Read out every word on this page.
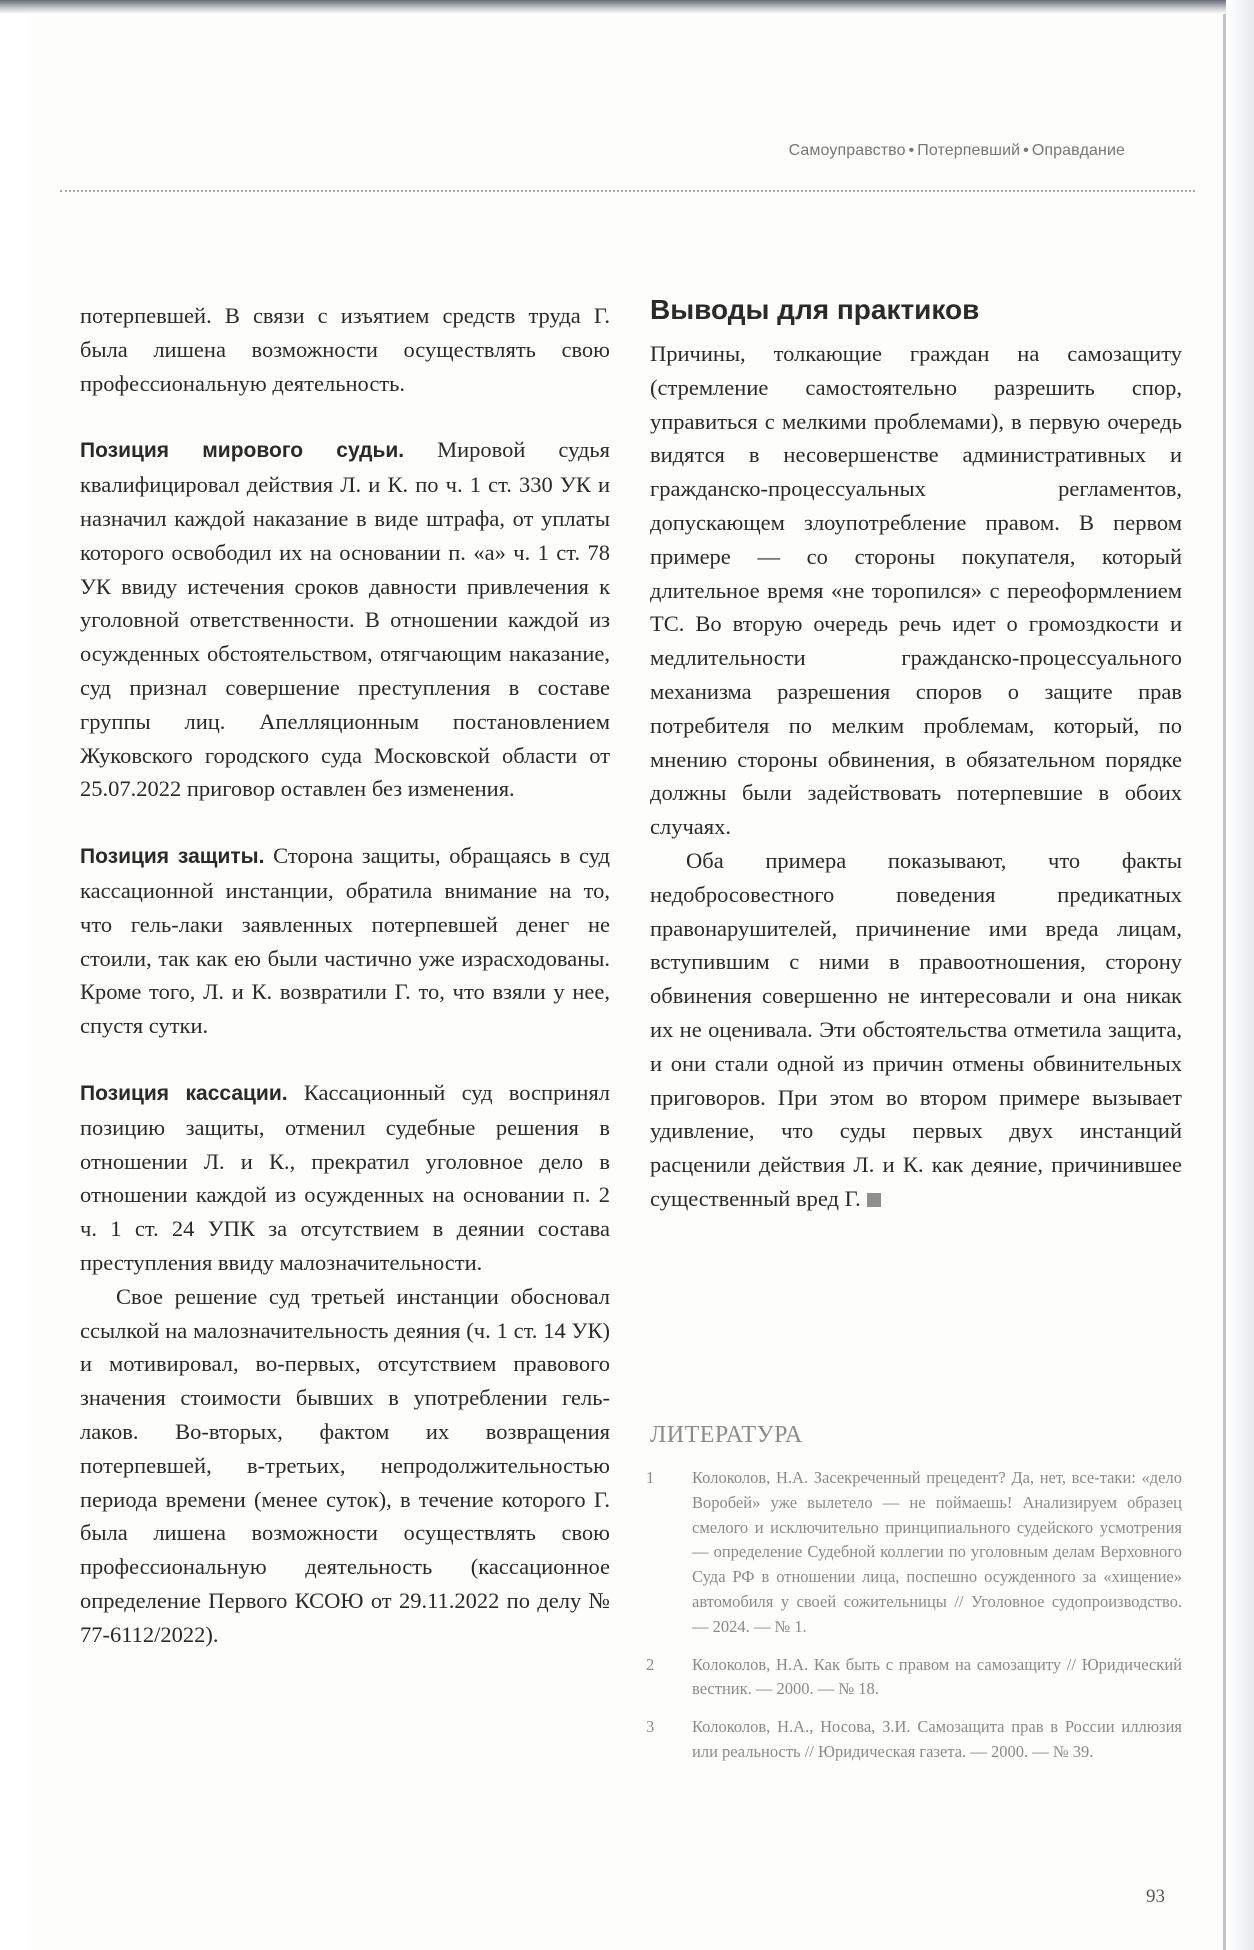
Самоуправство • Потерпевший • Оправдание

потерпевшей. В связи с изъятием средств труда Г. была лишена возможности осуществлять свою профессиональную деятельность.

Позиция мирового судьи. Мировой судья квалифицировал действия Л. и К. по ч. 1 ст. 330 УК и назначил каждой наказание в виде штрафа, от уплаты которого освободил их на основании п. «а» ч. 1 ст. 78 УК ввиду истечения сроков давности привлечения к уголовной ответственности. В отношении каждой из осужденных обстоятельством, отягчающим наказание, суд признал совершение преступления в составе группы лиц. Апелляционным постановлением Жуковского городского суда Московской области от 25.07.2022 приговор оставлен без изменения.

Позиция защиты. Сторона защиты, обращаясь в суд кассационной инстанции, обратила внимание на то, что гель-лаки заявленных потерпевшей денег не стоили, так как ею были частично уже израсходованы. Кроме того, Л. и К. возвратили Г. то, что взяли у нее, спустя сутки.

Позиция кассации. Кассационный суд воспринял позицию защиты, отменил судебные решения в отношении Л. и К., прекратил уголовное дело в отношении каждой из осужденных на основании п. 2 ч. 1 ст. 24 УПК за отсутствием в деянии состава преступления ввиду малозначительности.

Свое решение суд третьей инстанции обосновал ссылкой на малозначительность деяния (ч. 1 ст. 14 УК) и мотивировал, во-первых, отсутствием правового значения стоимости бывших в употреблении гель-лаков. Во-вторых, фактом их возвращения потерпевшей, в-третьих, непродолжительностью периода времени (менее суток), в течение которого Г. была лишена возможности осуществлять свою профессиональную деятельность (кассационное определение Первого КСОЮ от 29.11.2022 по делу № 77-6112/2022).

Выводы для практиков

Причины, толкающие граждан на самозащиту (стремление самостоятельно разрешить спор, управиться с мелкими проблемами), в первую очередь видятся в несовершенстве административных и гражданско-процессуальных регламентов, допускающем злоупотребление правом. В первом примере — со стороны покупателя, который длительное время «не торопился» с переоформлением ТС. Во вторую очередь речь идет о громоздкости и медлительности гражданско-процессуального механизма разрешения споров о защите прав потребителя по мелким проблемам, который, по мнению стороны обвинения, в обязательном порядке должны были задействовать потерпевшие в обоих случаях.

Оба примера показывают, что факты недобросовестного поведения предикатных правонарушителей, причинение ими вреда лицам, вступившим с ними в правоотношения, сторону обвинения совершенно не интересовали и она никак их не оценивала. Эти обстоятельства отметила защита, и они стали одной из причин отмены обвинительных приговоров. При этом во втором примере вызывает удивление, что суды первых двух инстанций расценили действия Л. и К. как деяние, причинившее существенный вред Г.

ЛИТЕРАТУРА
1	Колоколов, Н.А. Засекреченный прецедент? Да, нет, все-таки: «дело Воробей» уже вылетело — не поймаешь! Анализируем образец смелого и исключительно принципиального судейского усмотрения — определение Судебной коллегии по уголовным делам Верховного Суда РФ в отношении лица, поспешно осужденного за «хищение» автомобиля у своей сожительницы // Уголовное судопроизводство. — 2024. — № 1.
2	Колоколов, Н.А. Как быть с правом на самозащиту // Юридический вестник. — 2000. — № 18.
3	Колоколов, Н.А., Носова, З.И. Самозащита прав в России иллюзия или реальность // Юридическая газета. — 2000. — № 39.
93
